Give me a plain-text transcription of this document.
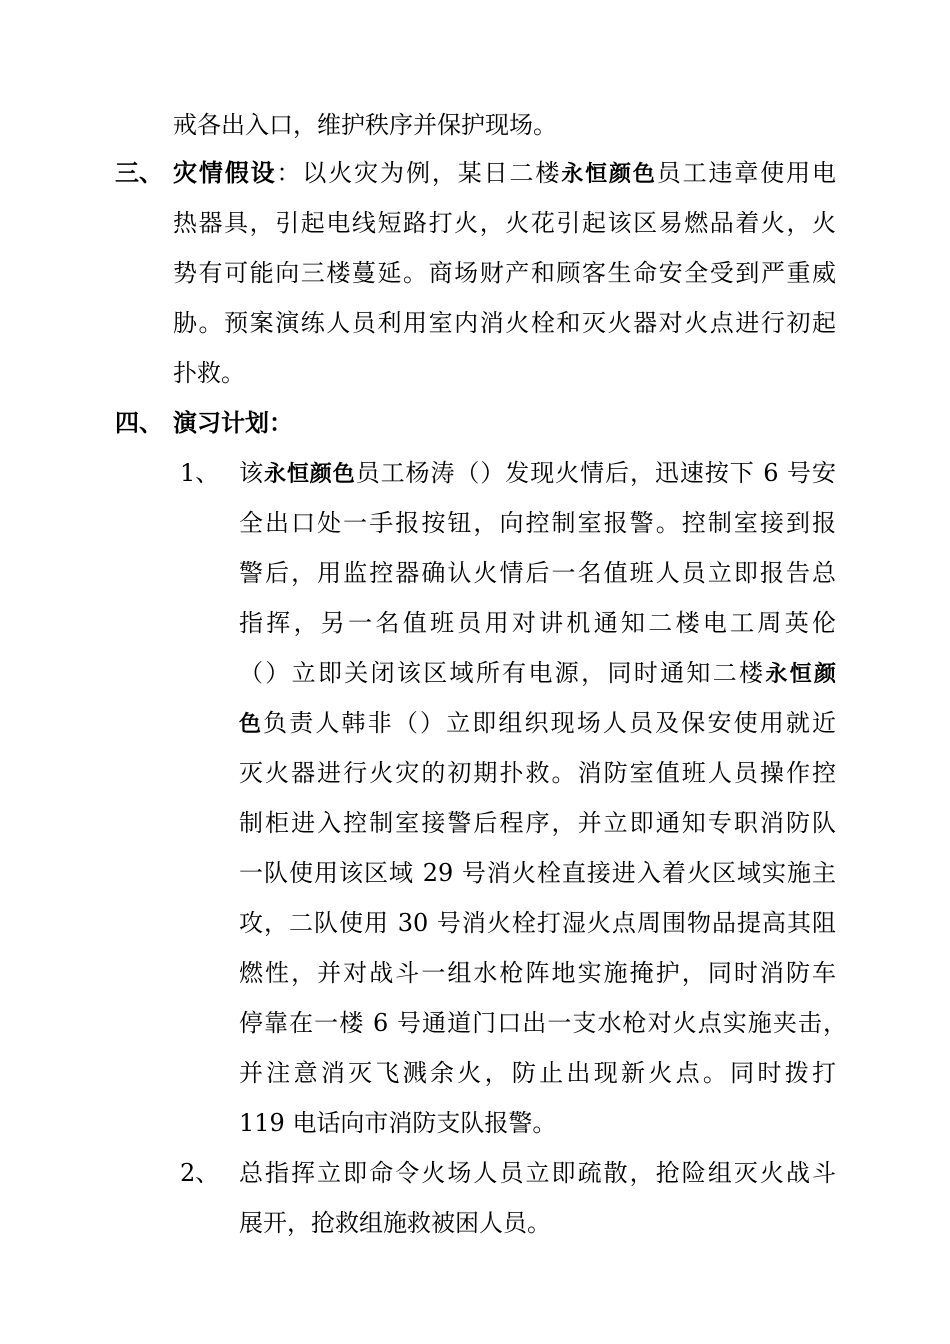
戒各出入口，维护秩序并保护现场。
三、 灾情假设：以火灾为例，某日二楼永恒颜色员工违章使用电
热器具，引起电线短路打火，火花引起该区易燃品着火，火
势有可能向三楼蔓延。商场财产和顾客生命安全受到严重威
胁。预案演练人员利用室内消火栓和灭火器对火点进行初起
扑救。
四、 演习计划：
1、 该永恒颜色员工杨涛（）发现火情后，迅速按下 6 号安
全出口处一手报按钮，向控制室报警。控制室接到报
警后，用监控器确认火情后一名值班人员立即报告总
指挥，另一名值班员用对讲机通知二楼电工周英伦
（）立即关闭该区域所有电源，同时通知二楼永恒颜
色负责人韩非（）立即组织现场人员及保安使用就近
灭火器进行火灾的初期扑救。消防室值班人员操作控
制柜进入控制室接警后程序，并立即通知专职消防队
一队使用该区域 29 号消火栓直接进入着火区域实施主
攻，二队使用 30 号消火栓打湿火点周围物品提高其阻
燃性，并对战斗一组水枪阵地实施掩护，同时消防车
停靠在一楼 6 号通道门口出一支水枪对火点实施夹击，
并注意消灭飞溅余火，防止出现新火点。同时拨打
119 电话向市消防支队报警。
2、 总指挥立即命令火场人员立即疏散，抢险组灭火战斗
展开，抢救组施救被困人员。
